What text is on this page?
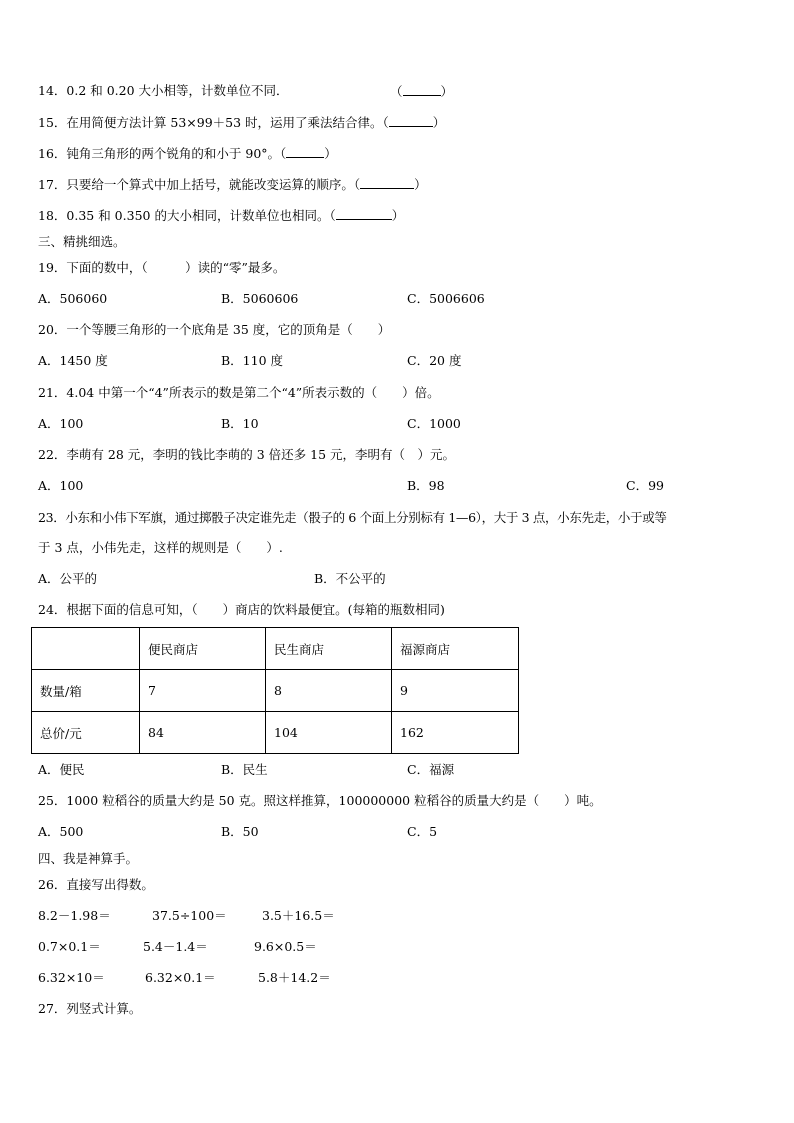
14．0.2 和 0.20 大小相等，计数单位不同．	（	）
15．在用简便方法计算 53×99＋53 时，运用了乘法结合律。（	）
16．钝角三角形的两个锐角的和小于 90°。（	）
17．只要给一个算式中加上括号，就能改变运算的顺序。（	）
18．0.35 和 0.350 的大小相同，计数单位也相同。（	）
三、精挑细选。
19．下面的数中，（　　　）读的“零”最多。
A．506060	B．5060606	C．5006606
20．一个等腰三角形的一个底角是 35 度，它的顶角是（　　）
A．1450 度	B．110 度	C．20 度
21．4.04 中第一个“4”所表示的数是第二个“4”所表示数的（　　）倍。
A．100	B．10	C．1000
22．李萌有 28 元，李明的钱比李萌的 3 倍还多 15 元，李明有（　）元。
A．100	B．98	C．99
23．小东和小伟下军旗，通过掷骰子决定谁先走（骰子的 6 个面上分别标有 1—6），大于 3 点，小东先走，小于或等
于 3 点，小伟先走，这样的规则是（　　）.
A．公平的	B．不公平的
24．根据下面的信息可知，（　　）商店的饮料最便宜。(每箱的瓶数相同)
	便民商店	民生商店	福源商店
数量/箱	7	8	9
总价/元	84	104	162
A．便民	B．民生	C．福源
25．1000 粒稻谷的质量大约是 50 克。照这样推算，100000000 粒稻谷的质量大约是（　　）吨。
A．500	B．50	C．5
四、我是神算手。
26．直接写出得数。
8.2－1.98＝	37.5÷100＝	3.5＋16.5＝
0.7×0.1＝	5.4－1.4＝	9.6×0.5＝
6.32×10＝	6.32×0.1＝	5.8＋14.2＝
27．列竖式计算。
